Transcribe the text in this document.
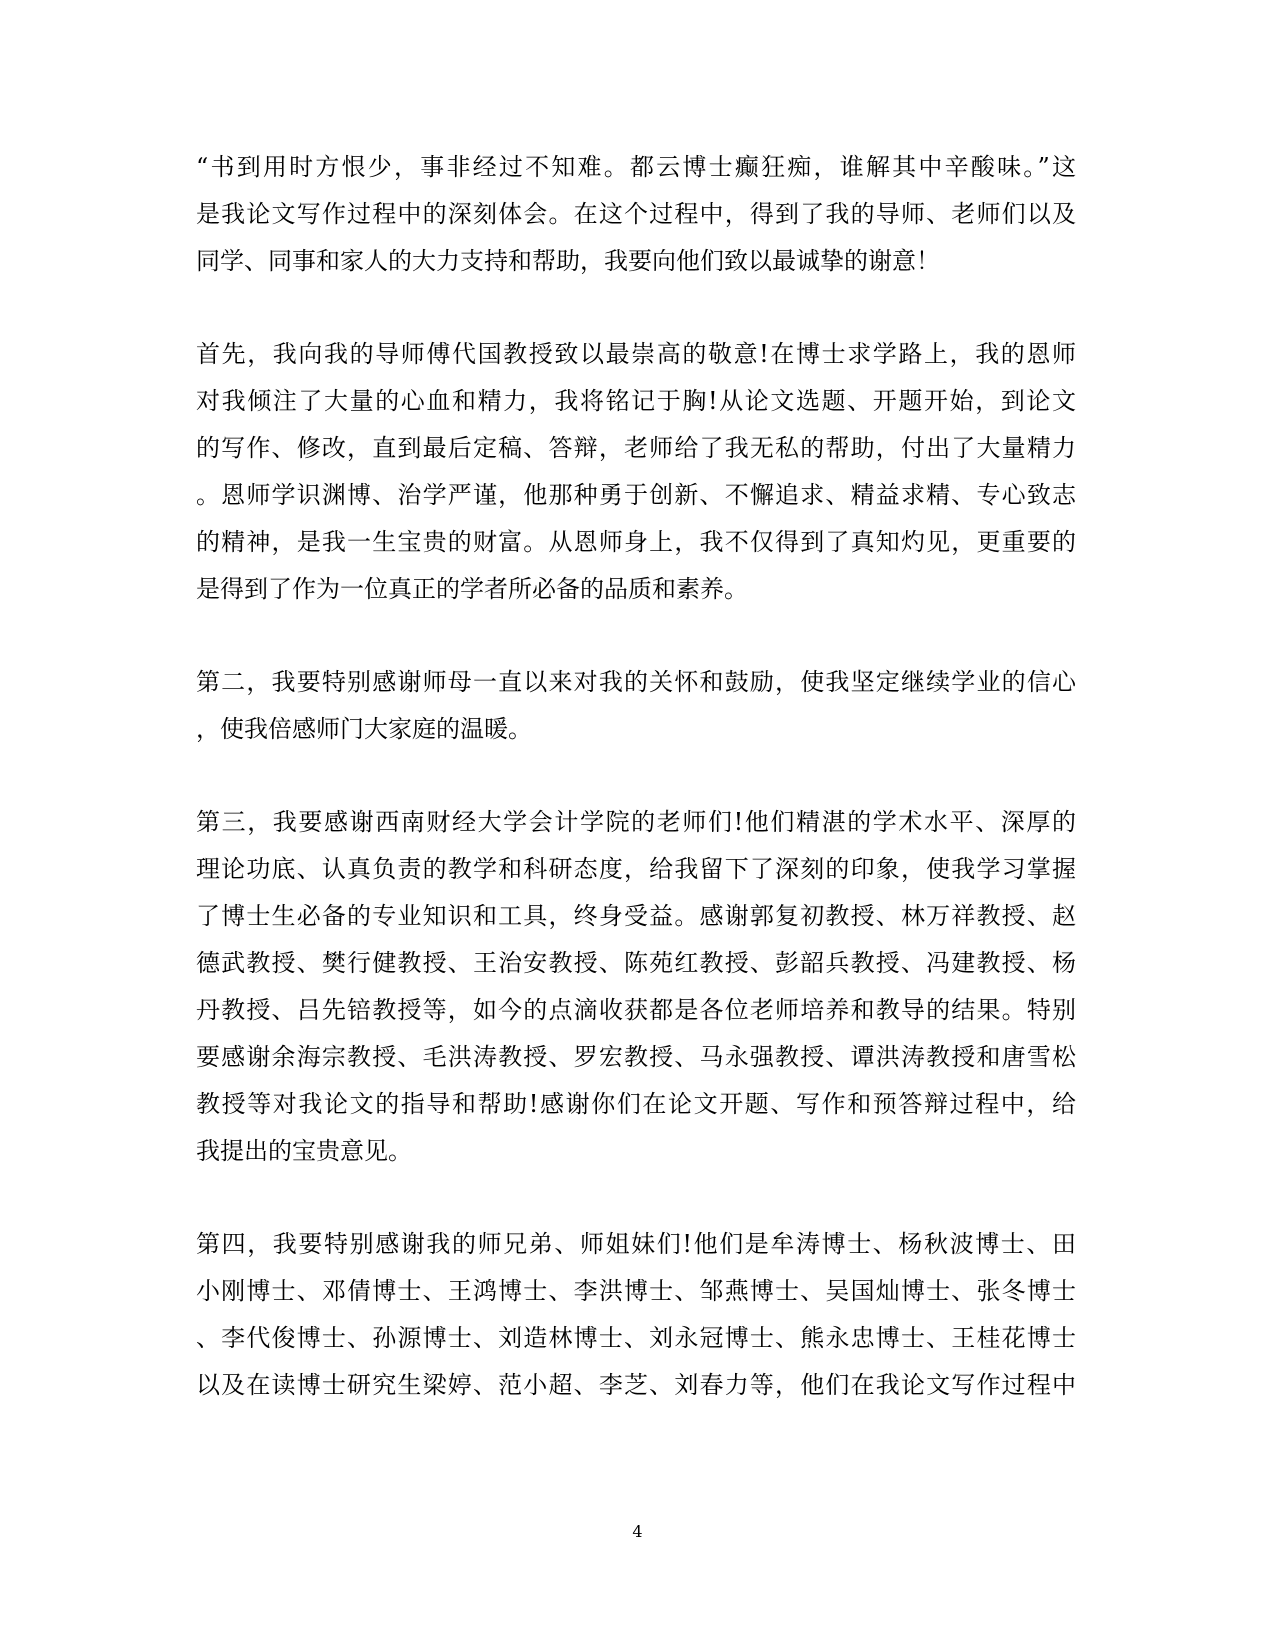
“书到用时方恨少，事非经过不知难。都云博士癫狂痴，谁解其中辛酸味。”这
是我论文写作过程中的深刻体会。在这个过程中，得到了我的导师、老师们以及
同学、同事和家人的大力支持和帮助，我要向他们致以最诚挚的谢意！
首先，我向我的导师傅代国教授致以最崇高的敬意!在博士求学路上，我的恩师
对我倾注了大量的心血和精力，我将铭记于胸!从论文选题、开题开始，到论文
的写作、修改，直到最后定稿、答辩，老师给了我无私的帮助，付出了大量精力
。恩师学识渊博、治学严谨，他那种勇于创新、不懈追求、精益求精、专心致志
的精神，是我一生宝贵的财富。从恩师身上，我不仅得到了真知灼见，更重要的
是得到了作为一位真正的学者所必备的品质和素养。
第二，我要特别感谢师母一直以来对我的关怀和鼓励，使我坚定继续学业的信心
，使我倍感师门大家庭的温暖。
第三，我要感谢西南财经大学会计学院的老师们!他们精湛的学术水平、深厚的
理论功底、认真负责的教学和科研态度，给我留下了深刻的印象，使我学习掌握
了博士生必备的专业知识和工具，终身受益。感谢郭复初教授、林万祥教授、赵
德武教授、樊行健教授、王治安教授、陈苑红教授、彭韶兵教授、冯建教授、杨
丹教授、吕先锫教授等，如今的点滴收获都是各位老师培养和教导的结果。特别
要感谢余海宗教授、毛洪涛教授、罗宏教授、马永强教授、谭洪涛教授和唐雪松
教授等对我论文的指导和帮助!感谢你们在论文开题、写作和预答辩过程中，给
我提出的宝贵意见。
第四，我要特别感谢我的师兄弟、师姐妹们!他们是牟涛博士、杨秋波博士、田
小刚博士、邓倩博士、王鸿博士、李洪博士、邹燕博士、吴国灿博士、张冬博士
、李代俊博士、孙源博士、刘造林博士、刘永冠博士、熊永忠博士、王桂花博士
以及在读博士研究生梁婷、范小超、李芝、刘春力等，他们在我论文写作过程中
4
